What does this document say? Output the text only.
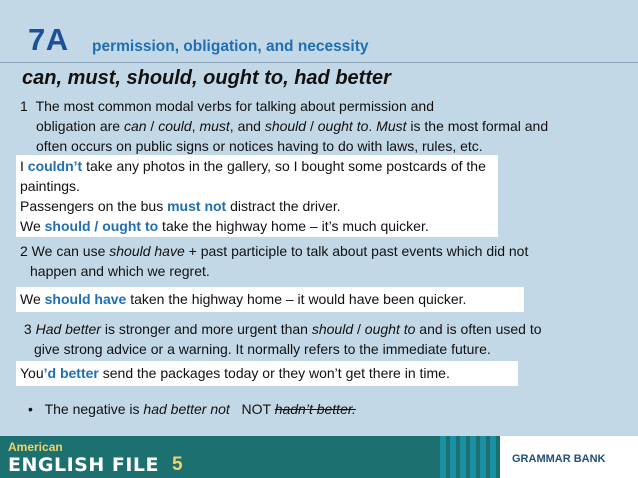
7A permission, obligation, and necessity
can, must, should, ought to, had better
1 The most common modal verbs for talking about permission and
obligation are can / could, must, and should / ought to. Must is the most formal and
often occurs on public signs or notices having to do with laws, rules, etc.
I couldn’t take any photos in the gallery, so I bought some postcards of the
paintings.
Passengers on the bus must not distract the driver.
We should / ought to take the highway home – it’s much quicker.
2 We can use should have + past participle to talk about past events which did not
happen and which we regret.
We should have taken the highway home – it would have been quicker.
3 Had better is stronger and more urgent than should / ought to and is often used to
give strong advice or a warning. It normally refers to the immediate future.
You’d better send the packages today or they won’t get there in time.
• The negative is had better not   NOT hadn’t better.
American
ENGLISH FILE 5	GRAMMAR BANK
